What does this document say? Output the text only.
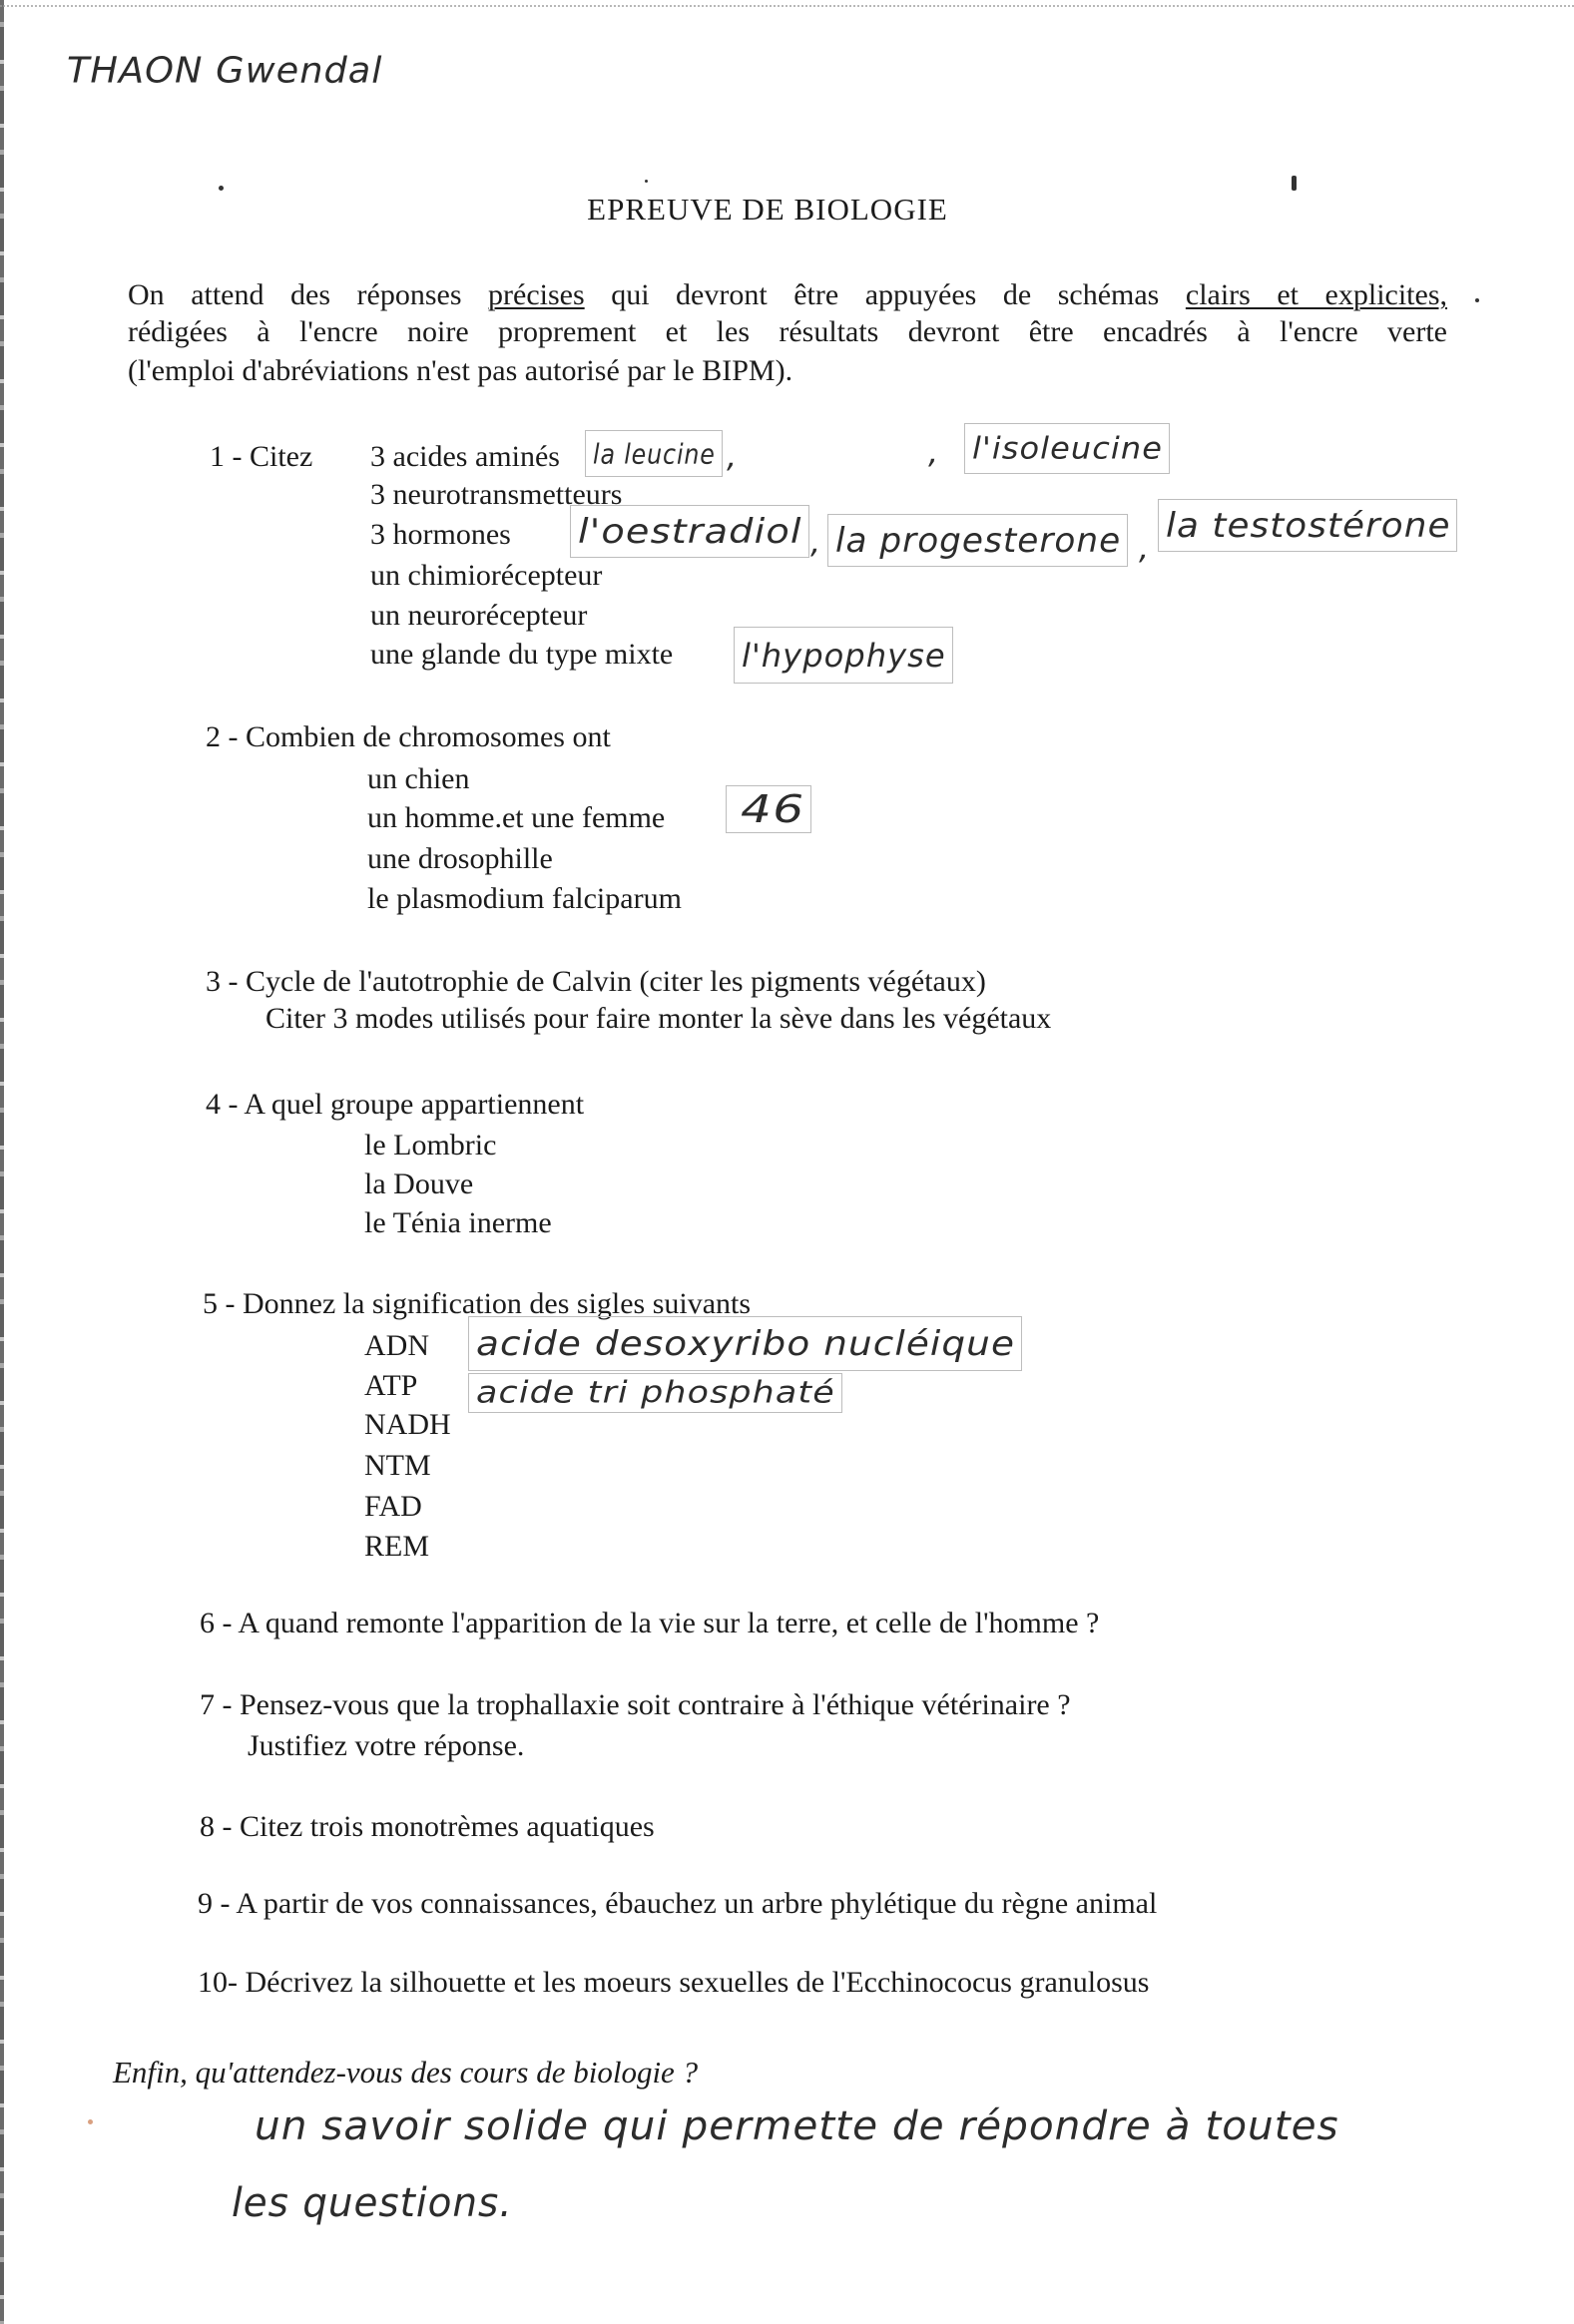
THAON Gwendal
EPREUVE DE BIOLOGIE
On attend des réponses précises qui devront être appuyées de schémas clairs et explicites,
rédigées à l'encre noire proprement et les résultats devront être encadrés à l'encre verte
(l'emploi d'abréviations n'est pas autorisé par le BIPM).
1 - Citez 3 acides aminés
3 neurotransmetteurs
3 hormones
un chimiorécepteur
un neurorécepteur
une glande du type mixte
la leucine ,	, l'isoleucine
l'oestradiol , la progesterone ,
la testostérone
l'hypophyse
2 - Combien de chromosomes ont
un chien
un homme.et une femme
une drosophille
le plasmodium falciparum
46
3 - Cycle de l'autotrophie de Calvin (citer les pigments végétaux)
Citer 3 modes utilisés pour faire monter la sève dans les végétaux
4 - A quel groupe appartiennent
le Lombric
la Douve
le Ténia inerme
5 - Donnez la signification des sigles suivants
ADN
ATP
NADH
NTM
FAD
REM
acide desoxyribo nucléique
acide tri phosphaté
6 - A quand remonte l'apparition de la vie sur la terre, et celle de l'homme ?
7 - Pensez-vous que la trophallaxie soit contraire à l'éthique vétérinaire ?
Justifiez votre réponse.
8 - Citez trois monotrèmes aquatiques
9 - A partir de vos connaissances, ébauchez un arbre phylétique du règne animal
10- Décrivez la silhouette et les moeurs sexuelles de l'Ecchinococus granulosus
Enfin, qu'attendez-vous des cours de biologie ?
un savoir solide qui permette de répondre à toutes
les questions.
